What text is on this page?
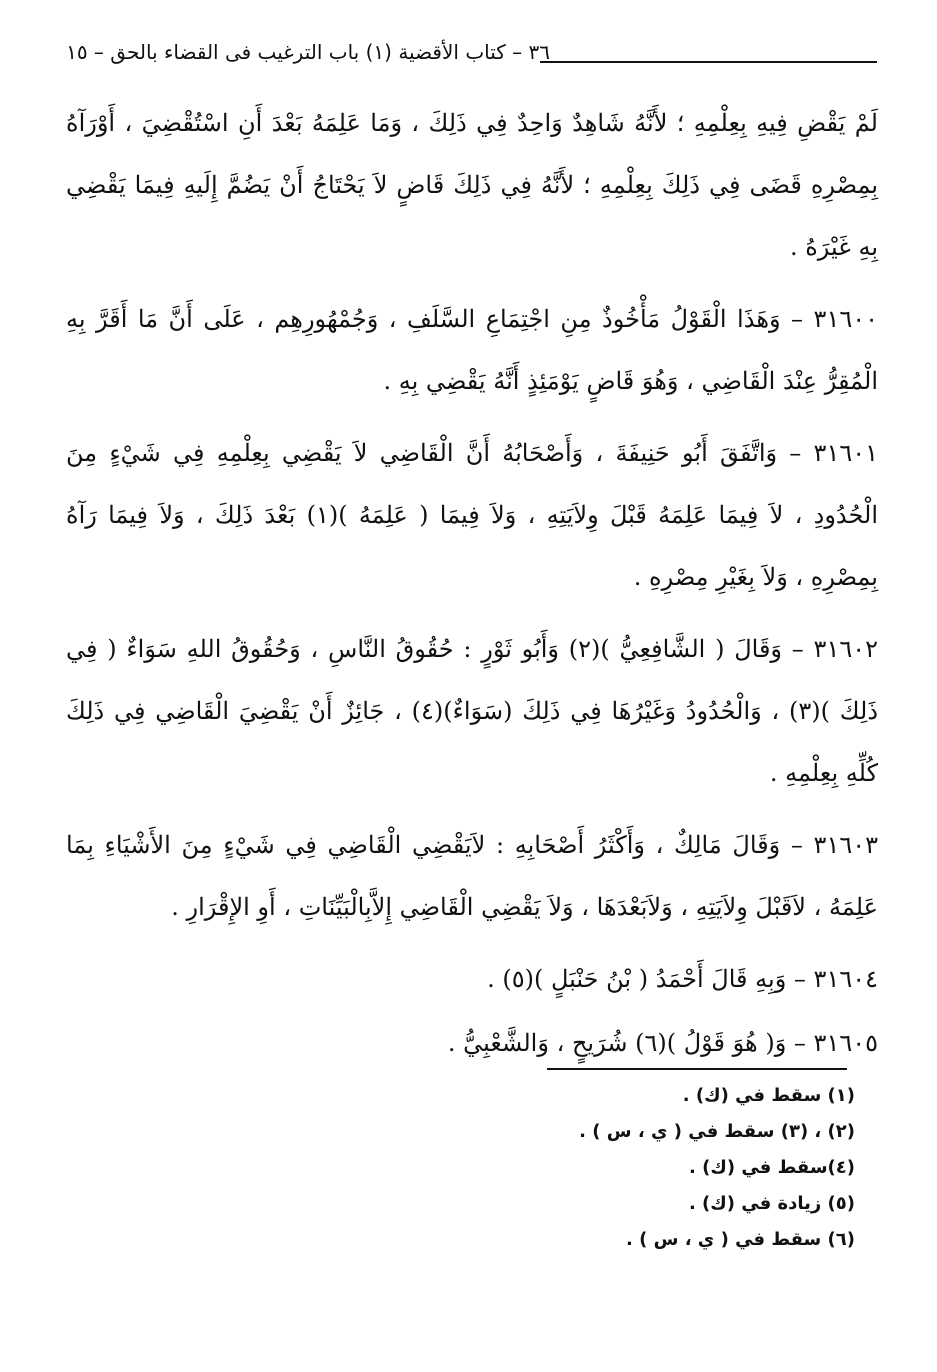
٣٦ – كتاب الأقضية (١) باب الترغيب فى القضاء بالحق – ١٥

لَمْ يَقْضِ فِيهِ بِعِلْمِهِ ؛ لأَنَّهُ شَاهِدٌ وَاحِدٌ فِي ذَلِكَ ، وَمَا عَلِمَهُ بَعْدَ أَنِ اسْتُقْضِيَ ، أَوْرَآهُ بِمِصْرِهِ قَضَى فِي ذَلِكَ بِعِلْمِهِ ؛ لأَنَّهُ فِي ذَلِكَ قَاضٍ لاَ يَحْتَاجُ أَنْ يَضُمَّ إِلَيهِ فِيمَا يَقْضِي بِهِ غَيْرَهُ .

٣١٦٠٠ – وَهَذَا الْقَوْلُ مَأْخُوذٌ مِنِ اجْتِمَاعِ السَّلَفِ ، وَجُمْهُورِهِم ، عَلَى أَنَّ مَا أَقَرَّ بِهِ الْمُقِرُّ عِنْدَ الْقَاضِي ، وَهُوَ قَاضٍ يَوْمَئِذٍ أَنَّهُ يَقْضِي بِهِ .

٣١٦٠١ – وَاتَّفَقَ أَبُو حَنِيفَةَ ، وَأَصْحَابُهُ أَنَّ الْقَاضِي لاَ يَقْضِي بِعِلْمِهِ فِي شَيْءٍ مِنَ الْحُدُودِ ، لاَ فِيمَا عَلِمَهُ قَبْلَ وِلاَيَتِهِ ، وَلاَ فِيمَا ( عَلِمَهُ )(١) بَعْدَ ذَلِكَ ، وَلاَ فِيمَا رَآهُ بِمِصْرِهِ ، وَلاَ بِغَيْرِ مِصْرِهِ .

٣١٦٠٢ – وَقَالَ ( الشَّافِعِيُّ )(٢) وَأَبُو ثَوْرٍ : حُقُوقُ النَّاسِ ، وَحُقُوقُ اللهِ سَوَاءٌ ( فِي ذَلِكَ )(٣) ، وَالْحُدُودُ وَغَيْرُهَا فِي ذَلِكَ (سَوَاءٌ)(٤) ، جَائِزٌ أَنْ يَقْضِيَ الْقَاضِي فِي ذَلِكَ كُلِّهِ بِعِلْمِهِ .

٣١٦٠٣ – وَقَالَ مَالِكٌ ، وَأَكْثَرُ أَصْحَابِهِ : لاَيَقْضِي الْقَاضِي فِي شَيْءٍ مِنَ الأَشْيَاءِ بِمَا عَلِمَهُ ، لاَقَبْلَ وِلاَيَتِهِ ، وَلاَبَعْدَهَا ، وَلاَ يَقْضِي الْقَاضِي إِلاَّبِالْبَيِّنَاتِ ، أَوِ الإِقْرَارِ .

٣١٦٠٤ – وَبِهِ قَالَ أَحْمَدُ ( بْنُ حَنْبَلٍ )(٥) .

٣١٦٠٥ – وَ( هُوَ قَوْلُ )(٦) شُرَيحٍ ، وَالشَّعْبِيُّ .

(١) سقط في (ك) .
(٢) ، (٣) سقط في ( ي ، س ) .
(٤)سقط في (ك) .
(٥) زيادة في (ك) .
(٦) سقط في ( ي ، س ) .
